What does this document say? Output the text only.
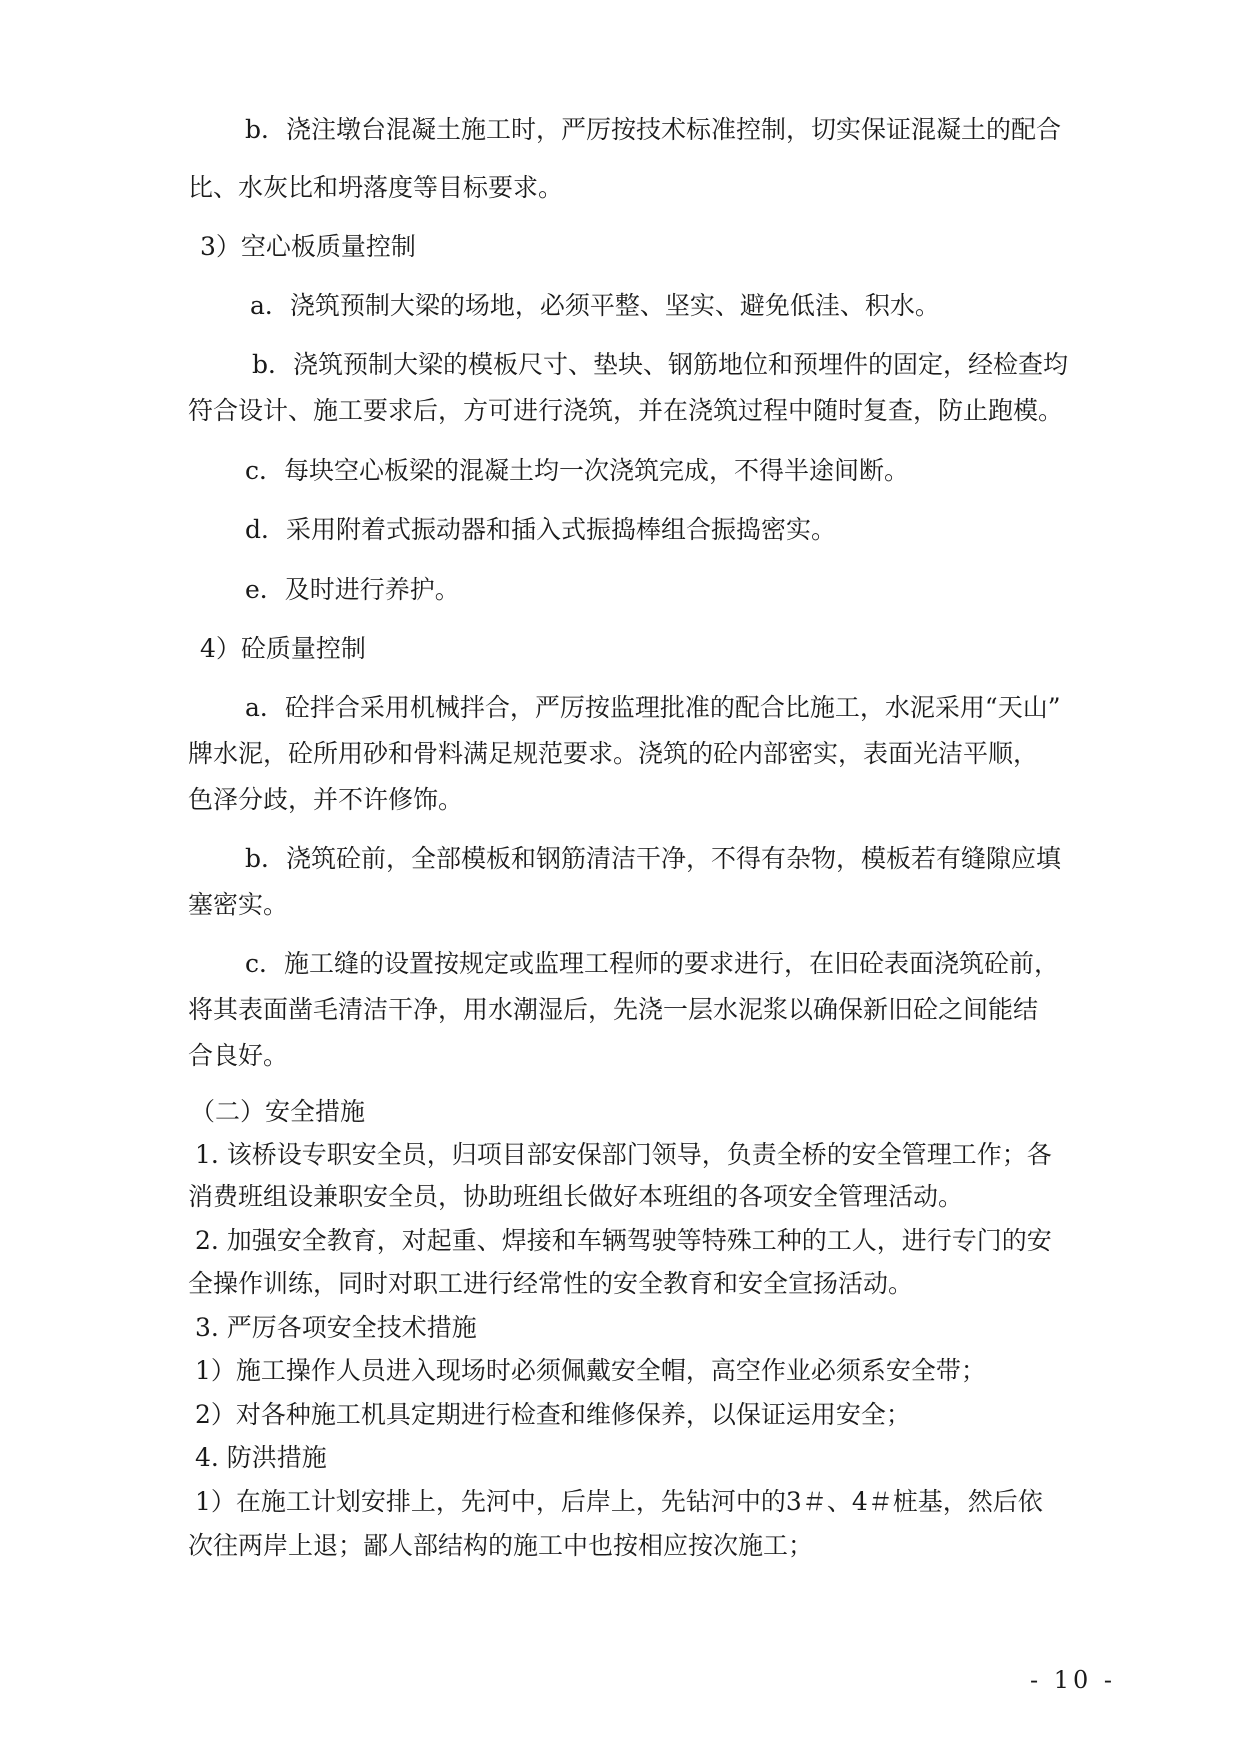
b．浇注墩台混凝土施工时，严厉按技术标准控制，切实保证混凝土的配合
比、水灰比和坍落度等目标要求。
3）空心板质量控制
a．浇筑预制大梁的场地，必须平整、坚实、避免低洼、积水。
b．浇筑预制大梁的模板尺寸、垫块、钢筋地位和预埋件的固定，经检查均
符合设计、施工要求后，方可进行浇筑，并在浇筑过程中随时复查，防止跑模。
c．每块空心板梁的混凝土均一次浇筑完成，不得半途间断。
d．采用附着式振动器和插入式振捣棒组合振捣密实。
e．及时进行养护。
4）砼质量控制
a．砼拌合采用机械拌合，严厉按监理批准的配合比施工，水泥采用“天山”
牌水泥，砼所用砂和骨料满足规范要求。浇筑的砼内部密实，表面光洁平顺，
色泽分歧，并不许修饰。
b．浇筑砼前，全部模板和钢筋清洁干净，不得有杂物，模板若有缝隙应填
塞密实。
c．施工缝的设置按规定或监理工程师的要求进行，在旧砼表面浇筑砼前，
将其表面凿毛清洁干净，用水潮湿后，先浇一层水泥浆以确保新旧砼之间能结
合良好。
（二）安全措施
1. 该桥设专职安全员，归项目部安保部门领导，负责全桥的安全管理工作；各
消费班组设兼职安全员，协助班组长做好本班组的各项安全管理活动。
2. 加强安全教育，对起重、焊接和车辆驾驶等特殊工种的工人，进行专门的安
全操作训练，同时对职工进行经常性的安全教育和安全宣扬活动。
3. 严厉各项安全技术措施
1）施工操作人员进入现场时必须佩戴安全帽，高空作业必须系安全带；
2）对各种施工机具定期进行检查和维修保养，以保证运用安全；
4. 防洪措施
1）在施工计划安排上，先河中，后岸上，先钻河中的3＃、4＃桩基，然后依
次往两岸上退；鄙人部结构的施工中也按相应按次施工；
- 10 -
